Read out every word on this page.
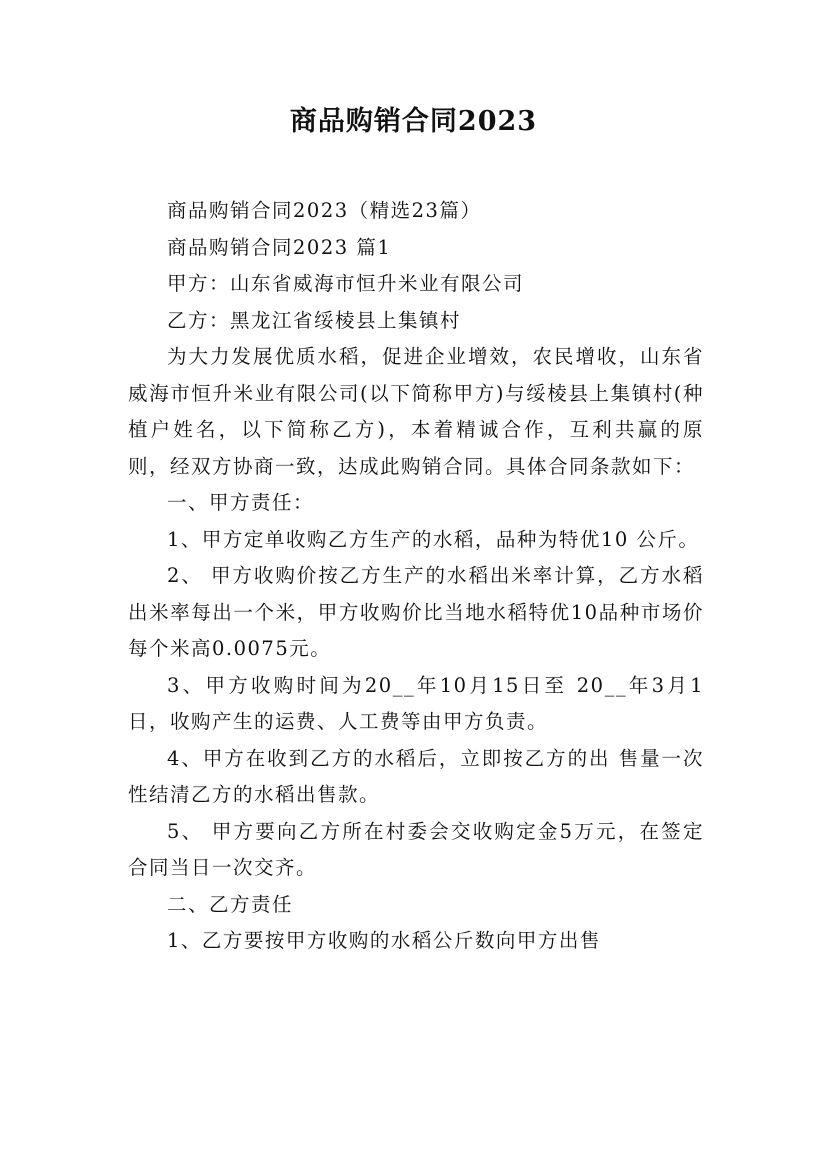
商品购销合同2023

商品购销合同2023（精选23篇）

商品购销合同2023 篇1

甲方：山东省威海市恒升米业有限公司

乙方：黑龙江省绥棱县上集镇村

为大力发展优质水稻，促进企业增效，农民增收，山东省威海市恒升米业有限公司(以下简称甲方)与绥棱县上集镇村(种植户姓名，以下简称乙方)，本着精诚合作，互利共赢的原则，经双方协商一致，达成此购销合同。具体合同条款如下：

一、甲方责任：

1、甲方定单收购乙方生产的水稻，品种为特优10 公斤。

2、 甲方收购价按乙方生产的水稻出米率计算，乙方水稻出米率每出一个米，甲方收购价比当地水稻特优10品种市场价每个米高0.0075元。

3、甲方收购时间为20__年10月15日至 20__年3月1日，收购产生的运费、人工费等由甲方负责。

4、甲方在收到乙方的水稻后，立即按乙方的出 售量一次性结清乙方的水稻出售款。

5、 甲方要向乙方所在村委会交收购定金5万元，在签定合同当日一次交齐。

二、乙方责任

1、乙方要按甲方收购的水稻公斤数向甲方出售
